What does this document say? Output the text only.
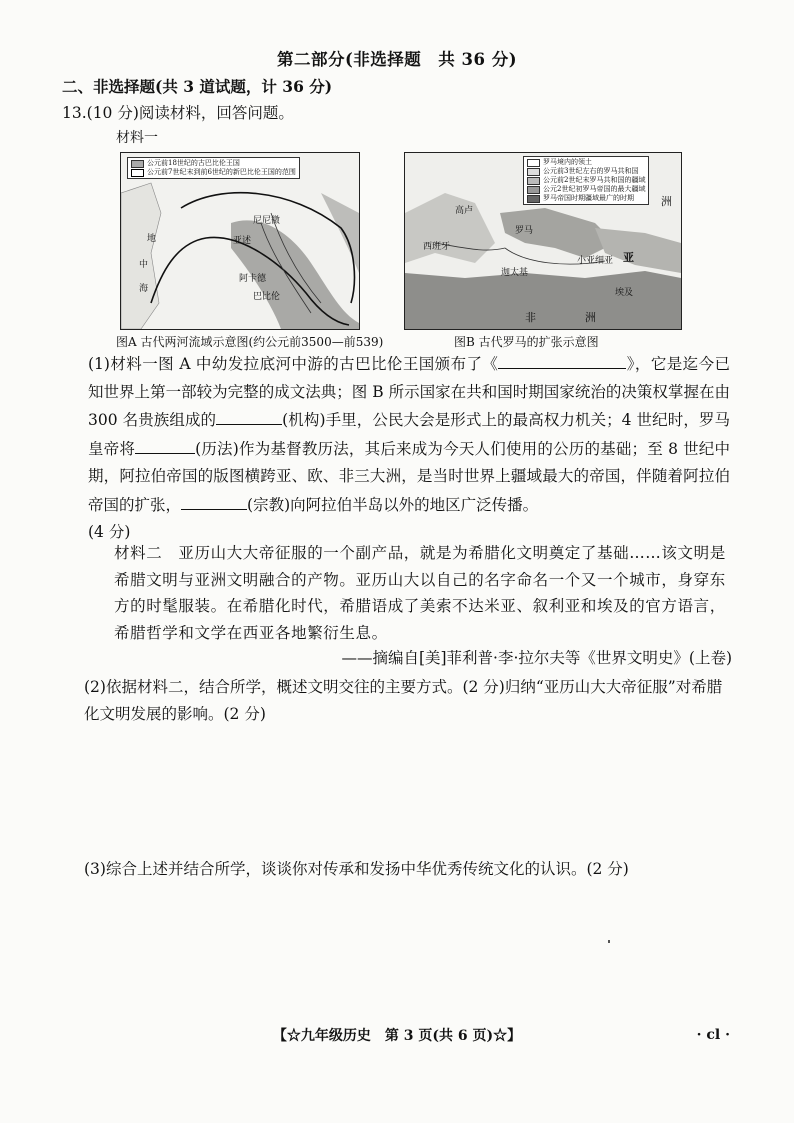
第二部分(非选择题　共 36 分)
二、非选择题(共 3 道试题，计 36 分)
13.(10 分)阅读材料，回答问题。
材料一
公元前18世纪的古巴比伦王国
公元前7世纪末到前6世纪的新巴比伦王国的范围
地
中
海
尼尼微
亚述
阿卡德
巴比伦
图A 古代两河流域示意图(约公元前3500—前539)
罗马境内的领土
公元前3世纪左右的罗马共和国
公元前2世纪末罗马共和国的疆域
公元2世纪初罗马帝国的最大疆域
罗马帝国时期疆域最广的时期
高卢
西班牙
罗马
迦太基
小亚细亚 亚
埃及
非	洲
洲
图B 古代罗马的扩张示意图
(1)材料一图 A 中幼发拉底河中游的古巴比伦王国颁布了《	》，它是迄今已知世界上第一部较为完整的成文法典；图 B 所示国家在共和国时期国家统治的决策权掌握在由 300 名贵族组成的	(机构)手里，公民大会是形式上的最高权力机关；4 世纪时，罗马皇帝将	(历法)作为基督教历法，其后来成为今天人们使用的公历的基础；至 8 世纪中期，阿拉伯帝国的版图横跨亚、欧、非三大洲，是当时世界上疆域最大的帝国，伴随着阿拉伯帝国的扩张，	(宗教)向阿拉伯半岛以外的地区广泛传播。
(4 分)
材料二　亚历山大大帝征服的一个副产品，就是为希腊化文明奠定了基础……该文明是希腊文明与亚洲文明融合的产物。亚历山大以自己的名字命名一个又一个城市，身穿东方的时髦服装。在希腊化时代，希腊语成了美索不达米亚、叙利亚和埃及的官方语言，希腊哲学和文学在西亚各地繁衍生息。
——摘编自[美]菲利普·李·拉尔夫等《世界文明史》(上卷)
(2)依据材料二，结合所学，概述文明交往的主要方式。(2 分)归纳“亚历山大大帝征服”对希腊化文明发展的影响。(2 分)
(3)综合上述并结合所学，谈谈你对传承和发扬中华优秀传统文化的认识。(2 分)
【☆九年级历史　第 3 页(共 6 页)☆】	· cl ·
